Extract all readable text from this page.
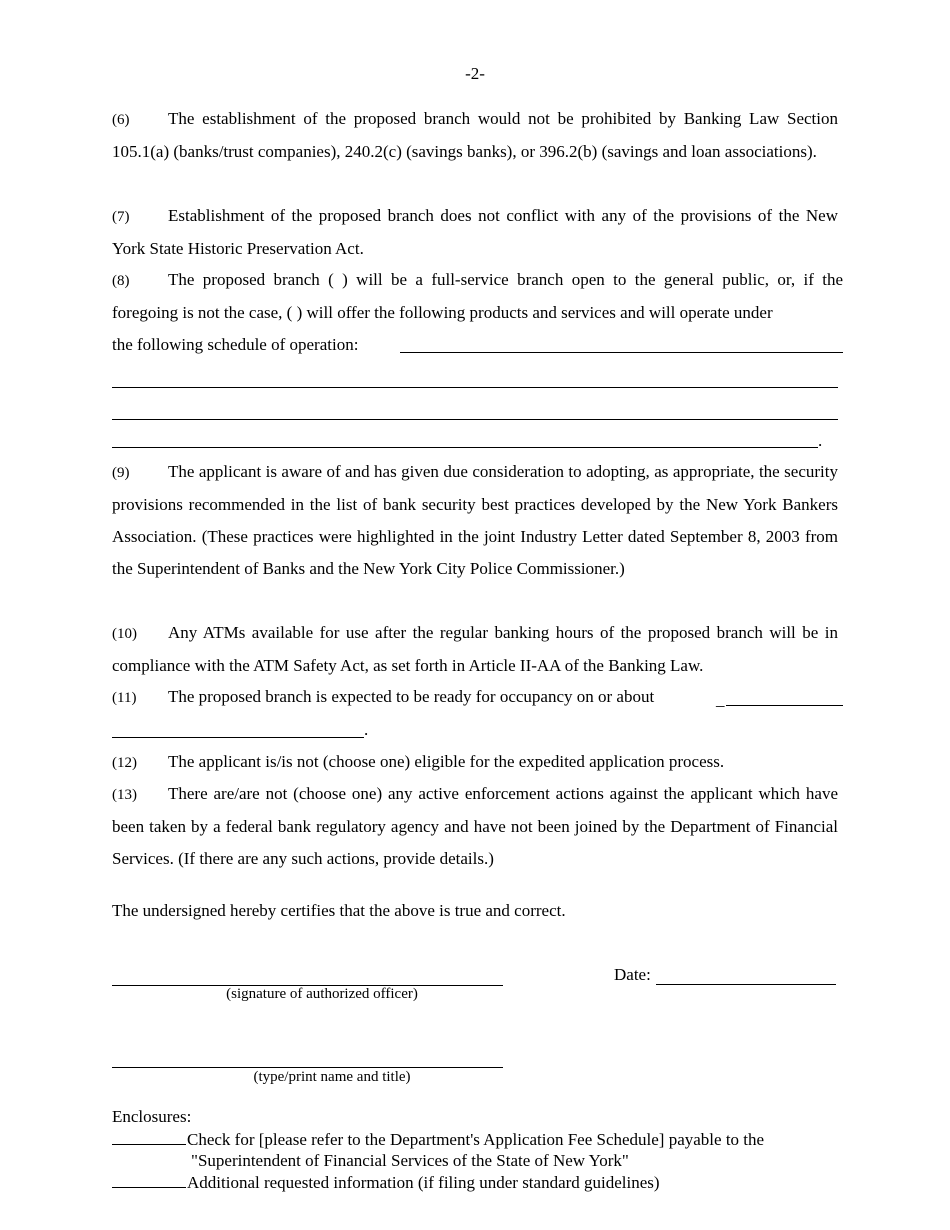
-2-
(6) The establishment of the proposed branch would not be prohibited by Banking Law Section 105.1(a) (banks/trust companies), 240.2(c) (savings banks), or 396.2(b) (savings and loan associations).
(7) Establishment of the proposed branch does not conflict with any of the provisions of the New York State Historic Preservation Act.
(8) The proposed branch ( ) will be a full-service branch open to the general public, or, if the foregoing is not the case, ( ) will offer the following products and services and will operate under
the following schedule of operation:
.
(9) The applicant is aware of and has given due consideration to adopting, as appropriate, the security provisions recommended in the list of bank security best practices developed by the New York Bankers Association. (These practices were highlighted in the joint Industry Letter dated September 8, 2003 from the Superintendent of Banks and the New York City Police Commissioner.)
(10) Any ATMs available for use after the regular banking hours of the proposed branch will be in compliance with the ATM Safety Act, as set forth in Article II-AA of the Banking Law.
(11) The proposed branch is expected to be ready for occupancy on or about	_
.
(12) The applicant is/is not (choose one) eligible for the expedited application process.
(13) There are/are not (choose one) any active enforcement actions against the applicant which have been taken by a federal bank regulatory agency and have not been joined by the Department of Financial Services. (If there are any such actions, provide details.)
The undersigned hereby certifies that the above is true and correct.
(signature of authorized officer)
Date:
(type/print name and title)
Enclosures:
Check for [please refer to the Department's Application Fee Schedule] payable to the
"Superintendent of Financial Services of the State of New York"
Additional requested information (if filing under standard guidelines)
